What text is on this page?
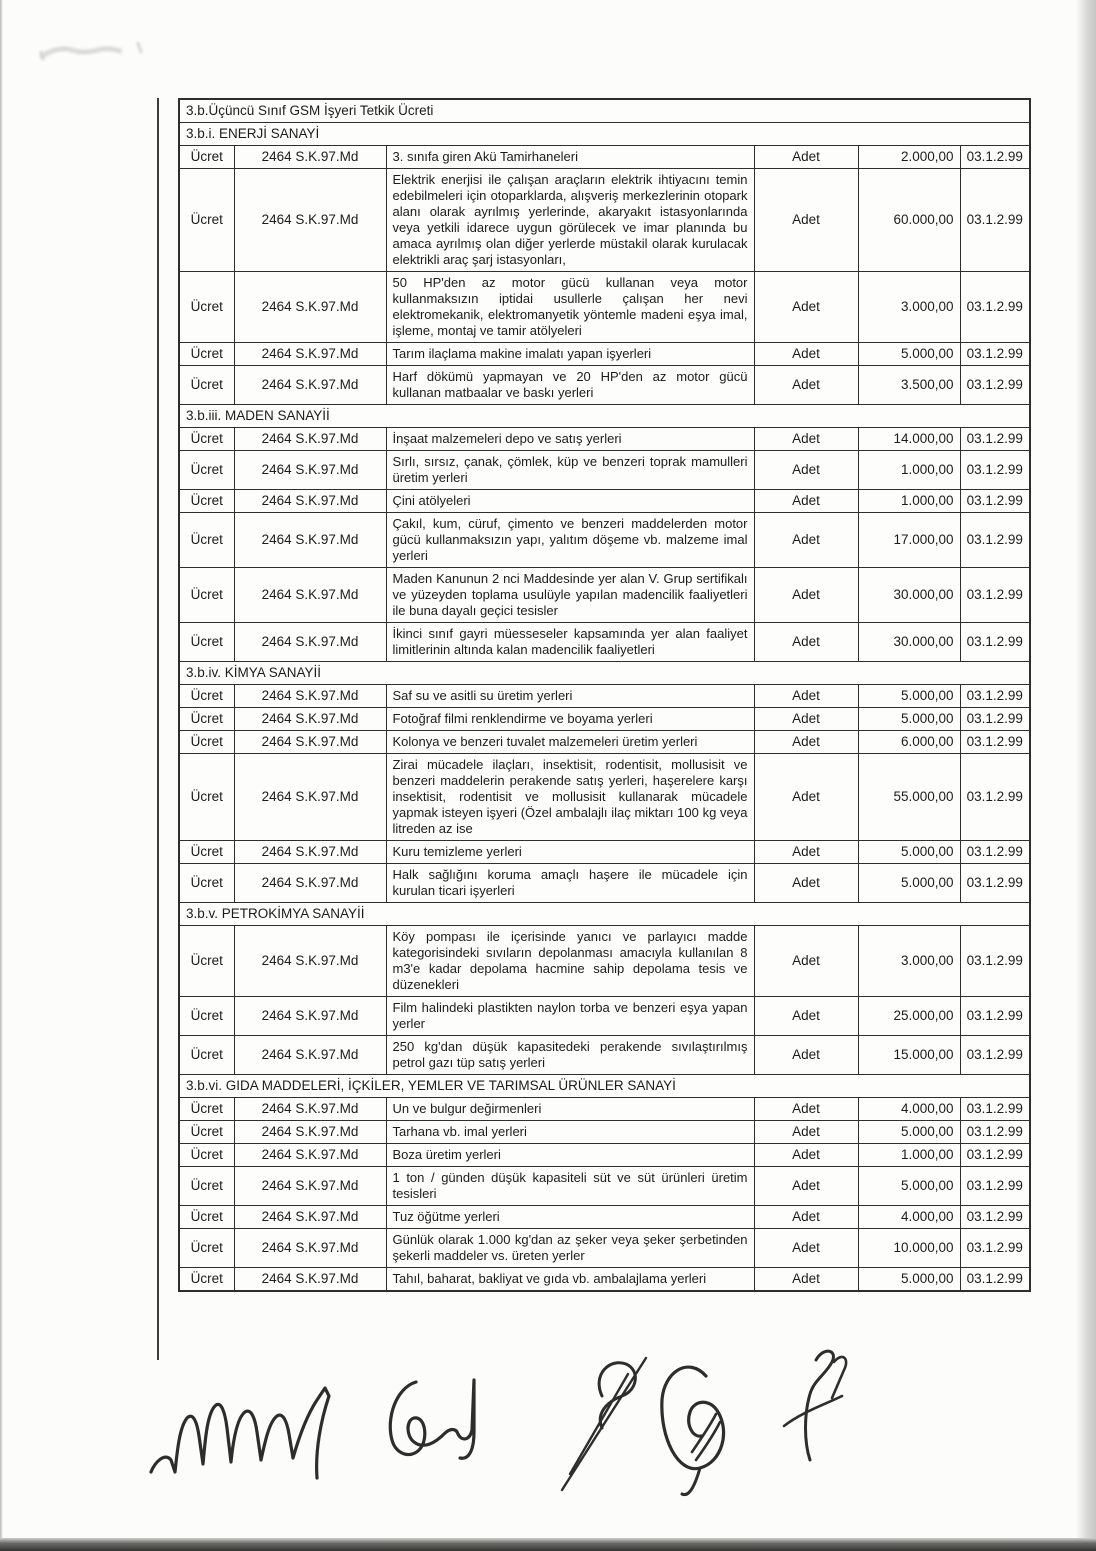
3.b.Üçüncü Sınıf GSM İşyeri Tetkik Ücreti					
3.b.i. ENERJİ SANAYİ					
Ücret	2464 S.K.97.Md	3. sınıfa giren Akü Tamirhaneleri	Adet	2.000,00	03.1.2.99
Ücret	2464 S.K.97.Md	Elektrik enerjisi ile çalışan araçların elektrik ihtiyacını temin edebilmeleri için otoparklarda, alışveriş merkezlerinin otopark alanı olarak ayrılmış yerlerinde, akaryakıt istasyonlarında veya yetkili idarece uygun görülecek ve imar planında bu amaca ayrılmış olan diğer yerlerde müstakil olarak kurulacak elektrikli araç şarj istasyonları,	Adet	60.000,00	03.1.2.99
Ücret	2464 S.K.97.Md	50 HP'den az motor gücü kullanan veya motor kullanmaksızın iptidai usullerle çalışan her nevi elektromekanik, elektromanyetik yöntemle madeni eşya imal, işleme, montaj ve tamir atölyeleri	Adet	3.000,00	03.1.2.99
Ücret	2464 S.K.97.Md	Tarım ilaçlama makine imalatı yapan işyerleri	Adet	5.000,00	03.1.2.99
Ücret	2464 S.K.97.Md	Harf dökümü yapmayan ve 20 HP'den az motor gücü kullanan matbaalar ve baskı yerleri	Adet	3.500,00	03.1.2.99
3.b.iii. MADEN SANAYİİ					
Ücret	2464 S.K.97.Md	İnşaat malzemeleri depo ve satış yerleri	Adet	14.000,00	03.1.2.99
Ücret	2464 S.K.97.Md	Sırlı, sırsız, çanak, çömlek, küp ve benzeri toprak mamulleri üretim yerleri	Adet	1.000,00	03.1.2.99
Ücret	2464 S.K.97.Md	Çini atölyeleri	Adet	1.000,00	03.1.2.99
Ücret	2464 S.K.97.Md	Çakıl, kum, cüruf, çimento ve benzeri maddelerden motor gücü kullanmaksızın yapı, yalıtım döşeme vb. malzeme imal yerleri	Adet	17.000,00	03.1.2.99
Ücret	2464 S.K.97.Md	Maden Kanunun 2 nci Maddesinde yer alan V. Grup sertifikalı ve yüzeyden toplama usulüyle yapılan madencilik faaliyetleri ile buna dayalı geçici tesisler	Adet	30.000,00	03.1.2.99
Ücret	2464 S.K.97.Md	İkinci sınıf gayri müesseseler kapsamında yer alan faaliyet limitlerinin altında kalan madencilik faaliyetleri	Adet	30.000,00	03.1.2.99
3.b.iv. KİMYA SANAYİİ					
Ücret	2464 S.K.97.Md	Saf su ve asitli su üretim yerleri	Adet	5.000,00	03.1.2.99
Ücret	2464 S.K.97.Md	Fotoğraf filmi renklendirme ve boyama yerleri	Adet	5.000,00	03.1.2.99
Ücret	2464 S.K.97.Md	Kolonya ve benzeri tuvalet malzemeleri üretim yerleri	Adet	6.000,00	03.1.2.99
Ücret	2464 S.K.97.Md	Zirai mücadele ilaçları, insektisit, rodentisit, mollusisit ve benzeri maddelerin perakende satış yerleri, haşerelere karşı insektisit, rodentisit ve mollusisit kullanarak mücadele yapmak isteyen işyeri (Özel ambalajlı ilaç miktarı 100 kg veya litreden az ise	Adet	55.000,00	03.1.2.99
Ücret	2464 S.K.97.Md	Kuru temizleme yerleri	Adet	5.000,00	03.1.2.99
Ücret	2464 S.K.97.Md	Halk sağlığını koruma amaçlı haşere ile mücadele için kurulan ticari işyerleri	Adet	5.000,00	03.1.2.99
3.b.v. PETROKİMYA SANAYİİ					
Ücret	2464 S.K.97.Md	Köy pompası ile içerisinde yanıcı ve parlayıcı madde kategorisindeki sıvıların depolanması amacıyla kullanılan 8 m3'e kadar depolama hacmine sahip depolama tesis ve düzenekleri	Adet	3.000,00	03.1.2.99
Ücret	2464 S.K.97.Md	Film halindeki plastikten naylon torba ve benzeri eşya yapan yerler	Adet	25.000,00	03.1.2.99
Ücret	2464 S.K.97.Md	250 kg'dan düşük kapasitedeki perakende sıvılaştırılmış petrol gazı tüp satış yerleri	Adet	15.000,00	03.1.2.99
3.b.vi. GIDA MADDELERİ, İÇKİLER, YEMLER VE TARIMSAL ÜRÜNLER SANAYİ					
Ücret	2464 S.K.97.Md	Un ve bulgur değirmenleri	Adet	4.000,00	03.1.2.99
Ücret	2464 S.K.97.Md	Tarhana vb. imal yerleri	Adet	5.000,00	03.1.2.99
Ücret	2464 S.K.97.Md	Boza üretim yerleri	Adet	1.000,00	03.1.2.99
Ücret	2464 S.K.97.Md	1 ton / günden düşük kapasiteli süt ve süt ürünleri üretim tesisleri	Adet	5.000,00	03.1.2.99
Ücret	2464 S.K.97.Md	Tuz öğütme yerleri	Adet	4.000,00	03.1.2.99
Ücret	2464 S.K.97.Md	Günlük olarak 1.000 kg'dan az şeker veya şeker şerbetinden şekerli maddeler vs. üreten yerler	Adet	10.000,00	03.1.2.99
Ücret	2464 S.K.97.Md	Tahıl, baharat, bakliyat ve gıda vb. ambalajlama yerleri	Adet	5.000,00	03.1.2.99
